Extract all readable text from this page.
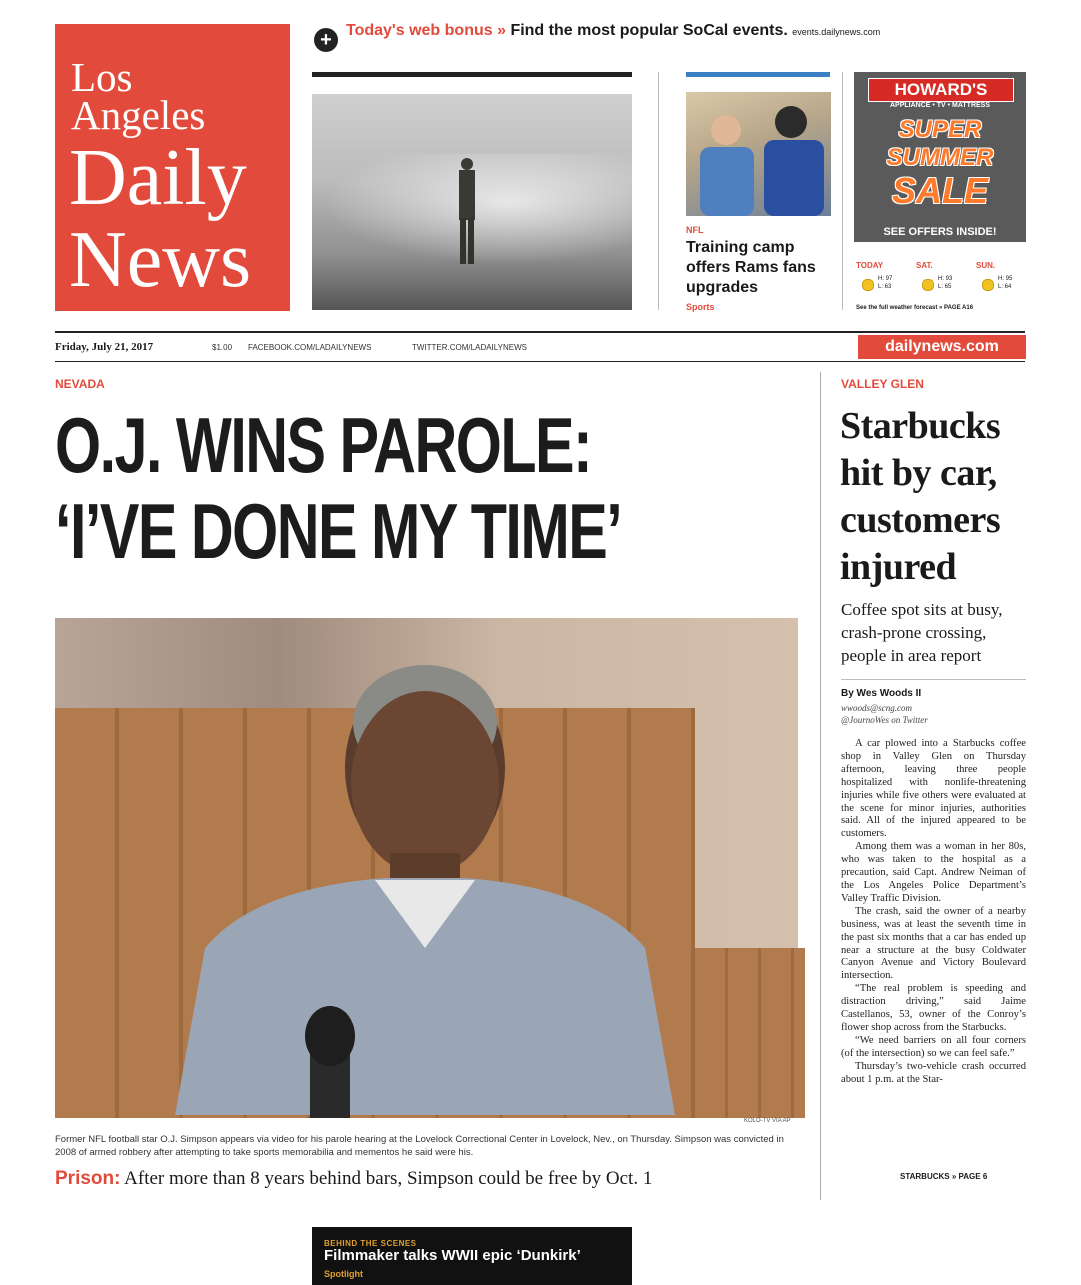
Los
Angeles
Daily
News
+ Today's web bonus » Find the most popular SoCal events. events.dailynews.com
BEHIND THE SCENES
Filmmaker talks WWII epic ‘Dunkirk’
Spotlight
NFL
Training camp offers Rams fans upgrades
Sports
HOWARD'S
APPLIANCE • TV • MATTRESS
SUPER
SUMMER
SALE
SEE OFFERS INSIDE!
TODAY
H: 97
L: 63
SAT.
H: 93
L: 65
SUN.
H: 95
L: 64
See the full weather forecast » PAGE A16
Friday, July 21, 2017	$1.00 FACEBOOK.COM/LADAILYNEWS	TWITTER.COM/LADAILYNEWS	dailynews.com
NEVADA
O.J. WINS PAROLE:
‘I’VE DONE MY TIME’
KOLO-TV VIA AP
Former NFL football star O.J. Simpson appears via video for his parole hearing at the Lovelock Correctional Center in Lovelock, Nev., on Thursday. Simpson was convicted in 2008 of armed robbery after attempting to take sports memorabilia and mementos he said were his.
Prison: After more than 8 years behind bars, Simpson could be free by Oct. 1
VALLEY GLEN
Starbucks hit by car, customers injured
Coffee spot sits at busy, crash-prone crossing, people in area report
By Wes Woods II
wwoods@scng.com
@JournoWes on Twitter

A car plowed into a Starbucks coffee shop in Valley Glen on Thursday afternoon, leaving three people hospitalized with nonlife-threatening injuries while five others were evaluated at the scene for minor injuries, authorities said. All of the injured appeared to be customers.

Among them was a woman in her 80s, who was taken to the hospital as a precaution, said Capt. Andrew Neiman of the Los Angeles Police Department’s Valley Traffic Division.

The crash, said the owner of a nearby business, was at least the seventh time in the past six months that a car has ended up near a structure at the busy Coldwater Canyon Avenue and Victory Boulevard intersection.

“The real problem is speeding and distraction driving,” said Jaime Castellanos, 53, owner of the Conroy’s flower shop across from the Starbucks.

“We need barriers on all four corners (of the intersection) so we can feel safe.”

Thursday’s two-vehicle crash occurred about 1 p.m. at the Star-

STARBUCKS » PAGE 6
